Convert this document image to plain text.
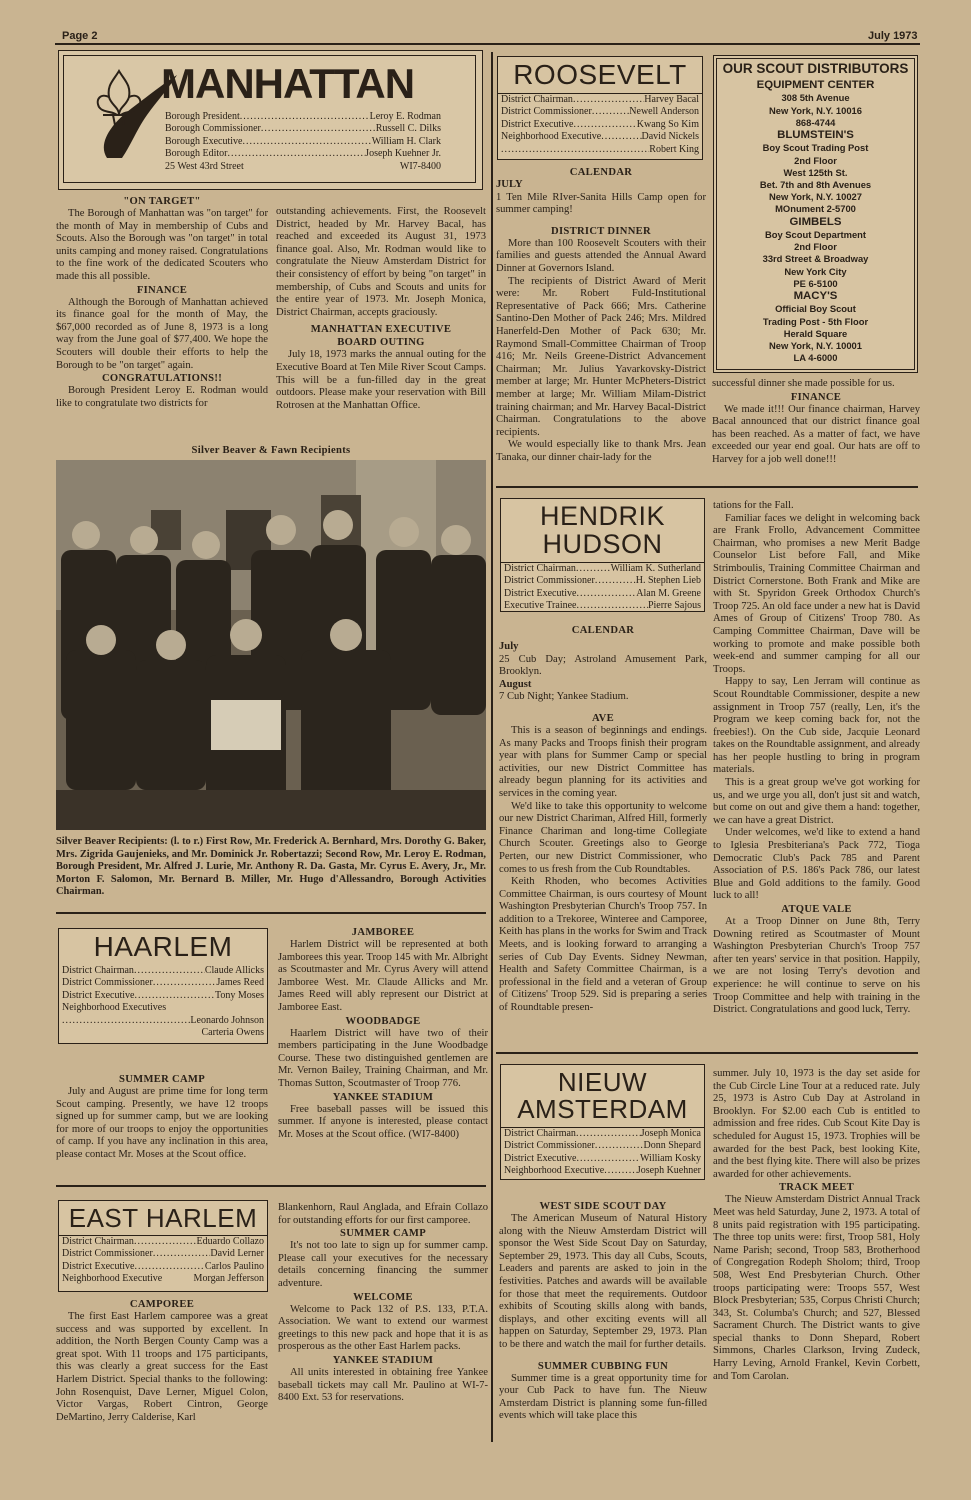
Page 2	July 1973
MANHATTAN
Borough President .....	Leroy E. Rodman
Borough Commissioner .....	Russell C. Dilks
Borough Executive .....	William H. Clark
Borough Editor .....	Joseph Kuehner Jr.
25 West 43rd Street	WI7-8400
"ON TARGET"

The Borough of Manhattan was "on target" for the month of May in membership of Cubs and Scouts. Also the Borough was "on target" in total units camping and money raised. Congratulations to the fine work of the dedicated Scouters who made this all possible.

FINANCE

Although the Borough of Manhattan achieved its finance goal for the month of May, the $67,000 recorded as of June 8, 1973 is a long way from the June goal of $77,400. We hope the Scouters will double their efforts to help the Borough to be "on target" again.

CONGRATULATIONS!!

Borough President Leroy E. Rodman would like to congratulate two districts for

outstanding achievements. First, the Roosevelt District, headed by Mr. Harvey Bacal, has reached and exceeded its August 31, 1973 finance goal. Also, Mr. Rodman would like to congratulate the Nieuw Amsterdam District for their consistency of effort by being "on target" in membership, of Cubs and Scouts and units for the entire year of 1973. Mr. Joseph Monica, District Chairman, accepts graciously.
MANHATTAN EXECUTIVE
BOARD OUTING

July 18, 1973 marks the annual outing for the Executive Board at Ten Mile River Scout Camps. This will be a fun-filled day in the great outdoors. Please make your reservation with Bill Rotrosen at the Manhattan Office.

Silver Beaver & Fawn Recipients
Silver Beaver Recipients: (l. to r.) First Row, Mr. Frederick A. Bernhard, Mrs. Dorothy G. Baker, Mrs. Zigrida Gaujenieks, and Mr. Dominick Jr. Robertazzi; Second Row, Mr. Leroy E. Rodman, Borough President, Mr. Alfred J. Lurie, Mr. Anthony R. Da. Gasta, Mr. Cyrus E. Avery, Jr., Mr. Morton F. Salomon, Mr. Bernard B. Miller, Mr. Hugo d'Allessandro, Borough Activities Chairman.
ROOSEVELT
District Chairman .....	Harvey Bacal
District Commissioner .....	Newell Anderson
District Executive .....	Kwang So Kim
Neighborhood Executive .....	David Nickels
.....
Robert King
CALENDAR
JULY
1 Ten Mile RIver-Sanita Hills Camp open for summer camping!
DISTRICT DINNER

More than 100 Roosevelt Scouters with their families and guests attended the Annual Award Dinner at Governors Island.

The recipients of District Award of Merit were: Mr. Robert Fuld-Institutional Representative of Pack 666; Mrs. Catherine Santino-Den Mother of Pack 246; Mrs. Mildred Hanerfeld-Den Mother of Pack 630; Mr. Raymond Small-Committee Chairman of Troop 416; Mr. Neils Greene-District Advancement Chairman; Mr. Julius Yavarkovsky-District member at large; Mr. Hunter McPheters-District member at large; Mr. William Milam-District training chairman; and Mr. Harvey Bacal-District Chairman. Congratulations to the above recipients.

We would especially like to thank Mrs. Jean Tanaka, our dinner chair-lady for the

OUR SCOUT DISTRIBUTORS
EQUIPMENT CENTER
308 5th Avenue
New York, N.Y. 10016
868-4744
BLUMSTEIN'S
Boy Scout Trading Post
2nd Floor
West 125th St.
Bet. 7th and 8th Avenues
New York, N.Y. 10027
MOnument 2-5700
GIMBELS
Boy Scout Department
2nd Floor
33rd Street & Broadway
New York City
PE 6-5100
MACY'S
Official Boy Scout
Trading Post - 5th Floor
Herald Square
New York, N.Y. 10001
LA 4-6000
successful dinner she made possible for us.
FINANCE

We made it!!! Our finance chairman, Harvey Bacal announced that our district finance goal has been reached. As a matter of fact, we have exceeded our year end goal. Our hats are off to Harvey for a job well done!!!

HENDRIK
HUDSON
District Chairman .....	William K. Sutherland
District Commissioner .....	H. Stephen Lieb
District Executive .....	Alan M. Greene
Executive Trainee .....	Pierre Sajous
CALENDAR
July
25 Cub Day; Astroland Amusement Park, Brooklyn.
August
7 Cub Night; Yankee Stadium.
AVE

This is a season of beginnings and endings. As many Packs and Troops finish their program year with plans for Summer Camp or special activities, our new District Committee has already begun planning for its activities and services in the coming year.

We'd like to take this opportunity to welcome our new District Chariman, Alfred Hill, formerly Finance Chariman and long-time Collegiate Church Scouter. Greetings also to George Perten, our new District Commissioner, who comes to us fresh from the Cub Roundtables.

Keith Rhoden, who becomes Activities Committee Chairman, is ours courtesy of Mount Washington Presbyterian Church's Troop 757. In addition to a Trekoree, Winteree and Camporee, Keith has plans in the works for Swim and Track Meets, and is looking forward to arranging a series of Cub Day Events. Sidney Newman, Health and Safety Committee Chairman, is a professional in the field and a veteran of Group of Citizens' Troop 529. Sid is preparing a series of Roundtable presen-

tations for the Fall.

Familiar faces we delight in welcoming back are Frank Frollo, Advancement Committee Chairman, who promises a new Merit Badge Counselor List before Fall, and Mike Strimboulis, Training Committee Chairman and District Cornerstone. Both Frank and Mike are with St. Spyridon Greek Orthodox Church's Troop 725. An old face under a new hat is David Ames of Group of Citizens' Troop 780. As Camping Committee Chairman, Dave will be working to promote and make possible both week-end and summer camping for all our Troops.

Happy to say, Len Jerram will continue as Scout Roundtable Commissioner, despite a new assignment in Troop 757 (really, Len, it's the Program we keep coming back for, not the freebies!). On the Cub side, Jacquie Leonard takes on the Roundtable assignment, and already has her people hustling to bring in program materials.

This is a great group we've got working for us, and we urge you all, don't just sit and watch, but come on out and give them a hand: together, we can have a great District.

Under welcomes, we'd like to extend a hand to Iglesia Presbiteriana's Pack 772, Tioga Democratic Club's Pack 785 and Parent Association of P.S. 186's Pack 786, our latest Blue and Gold additions to the family. Good luck to all!

ATQUE VALE

At a Troop Dinner on June 8th, Terry Downing retired as Scoutmaster of Mount Washington Presbyterian Church's Troop 757 after ten years' service in that position. Happily, we are not losing Terry's devotion and experience: he will continue to serve on his Troop Committee and help with training in the District. Congratulations and good luck, Terry.

HAARLEM
District Chairman .....	Claude Allicks
District Commissioner .....	James Reed
District Executive .....	Tony Moses
Neighborhood Executives
.....
Leonardo Johnson
Carteria Owens
SUMMER CAMP

July and August are prime time for long term Scout camping. Presently, we have 12 troops signed up for summer camp, but we are looking for more of our troops to enjoy the opportunities of camp. If you have any inclination in this area, please contact Mr. Moses at the Scout office.

JAMBOREE

Harlem District will be represented at both Jamborees this year. Troop 145 with Mr. Albright as Scoutmaster and Mr. Cyrus Avery will attend Jamboree West. Mr. Claude Allicks and Mr. James Reed will ably represent our District at Jamboree East.

WOODBADGE

Haarlem District will have two of their members participating in the June Woodbadge Course. These two distinguished gentlemen are Mr. Vernon Bailey, Training Chairman, and Mr. Thomas Sutton, Scoutmaster of Troop 776.

YANKEE STADIUM

Free baseball passes will be issued this summer. If anyone is interested, please contact Mr. Moses at the Scout office. (WI7-8400)

EAST HARLEM
District Chairman .....	Eduardo Collazo
District Commissioner .....	David Lerner
District Executive .....	Carlos Paulino
Neighborhood Executive	Morgan Jefferson
CAMPOREE

The first East Harlem camporee was a great success and was supported by excellent. In addition, the North Bergen County Camp was a great spot. With 11 troops and 175 participants, this was clearly a great success for the East Harlem District. Special thanks to the following: John Rosenquist, Dave Lerner, Miguel Colon, Victor Vargas, Robert Cintron, George DeMartino, Jerry Calderise, Karl

Blankenhorn, Raul Anglada, and Efrain Collazo for outstanding efforts for our first camporee.
SUMMER CAMP

It's not too late to sign up for summer camp. Please call your executives for the necessary details concerning financing the summer adventure.

WELCOME

Welcome to Pack 132 of P.S. 133, P.T.A. Association. We want to extend our warmest greetings to this new pack and hope that it is as prosperous as the other East Harlem packs.

YANKEE STADIUM

All units interested in obtaining free Yankee baseball tickets may call Mr. Paulino at WI-7-8400 Ext. 53 for reservations.

NIEUW
AMSTERDAM
District Chairman .....	Joseph Monica
District Commissioner .....	Donn Shepard
District Executive .....	William Kosky
Neighborhood Executive .....	Joseph Kuehner
WEST SIDE SCOUT DAY

The American Museum of Natural History along with the Nieuw Amsterdam District will sponsor the West Side Scout Day on Saturday, September 29, 1973. This day all Cubs, Scouts, Leaders and parents are asked to join in the festivities. Patches and awards will be available for those that meet the requirements. Outdoor exhibits of Scouting skills along with bands, displays, and other exciting events will all happen on Saturday, September 29, 1973. Plan to be there and watch the mail for further details.

SUMMER CUBBING FUN

Summer time is a great opportunity time for your Cub Pack to have fun. The Nieuw Amsterdam District is planning some fun-filled events which will take place this

summer. July 10, 1973 is the day set aside for the Cub Circle Line Tour at a reduced rate. July 25, 1973 is Astro Cub Day at Astroland in Brooklyn. For $2.00 each Cub is entitled to admission and free rides. Cub Scout Kite Day is scheduled for August 15, 1973. Trophies will be awarded for the best Pack, best looking Kite, and the best flying kite. There will also be prizes awarded for other achievements.
TRACK MEET

The Nieuw Amsterdam District Annual Track Meet was held Saturday, June 2, 1973. A total of 8 units paid registration with 195 participating. The three top units were: first, Troop 581, Holy Name Parish; second, Troop 583, Brotherhood of Congregation Rodeph Sholom; third, Troop 508, West End Presbyterian Church. Other troops participating were: Troops 557, West Block Presbyterian; 535, Corpus Christi Church; 343, St. Columba's Church; and 527, Blessed Sacrament Church. The District wants to give special thanks to Donn Shepard, Robert Simmons, Charles Clarkson, Irving Zudeck, Harry Leving, Arnold Frankel, Kevin Corbett, and Tom Carolan.
